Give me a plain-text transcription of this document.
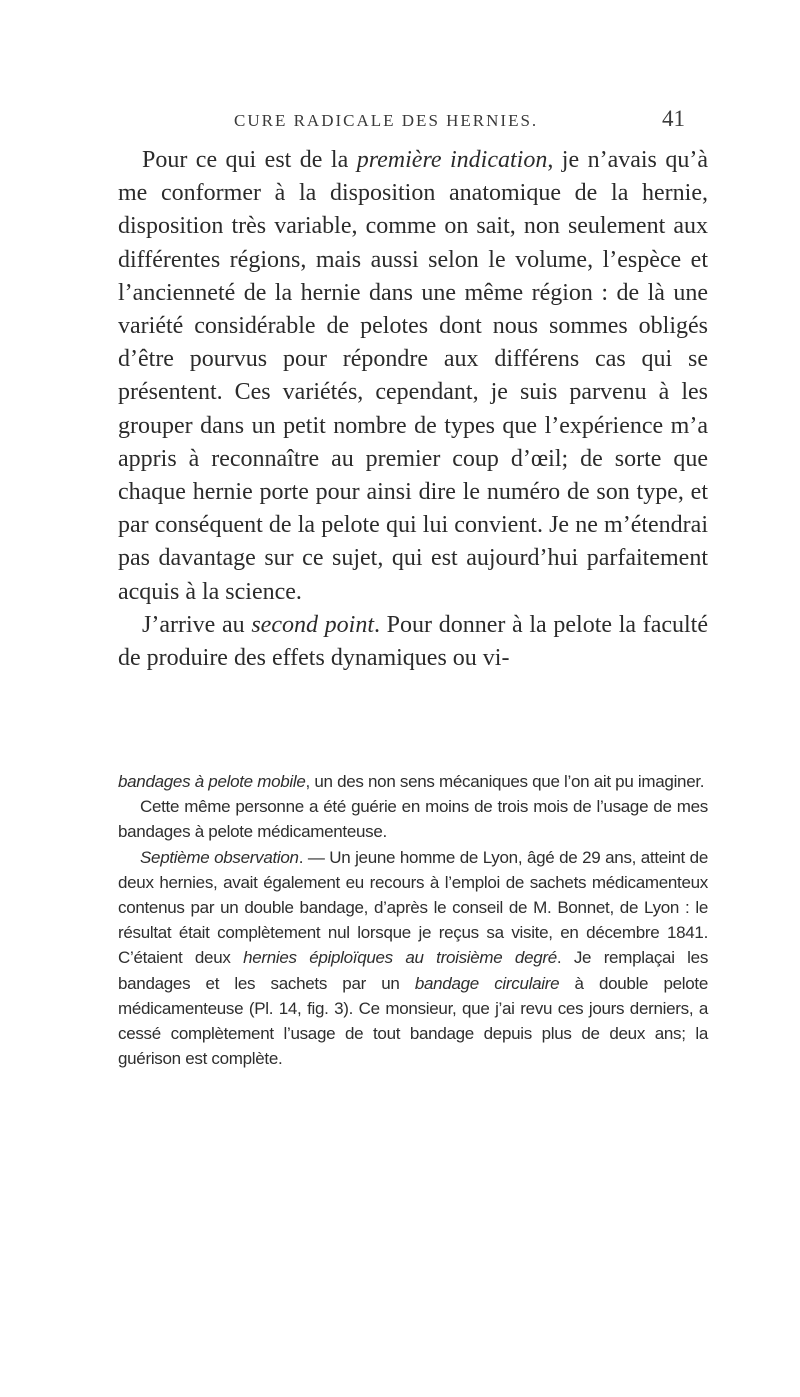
CURE RADICALE DES HERNIES.	41

Pour ce qui est de la première indication, je n’avais qu’à me conformer à la disposition anatomique de la hernie, disposition très variable, comme on sait, non seulement aux différentes régions, mais aussi selon le volume, l’espèce et l’ancienneté de la hernie dans une même région : de là une variété considérable de pelotes dont nous sommes obligés d’être pourvus pour répondre aux différens cas qui se présentent. Ces variétés, cependant, je suis parvenu à les grouper dans un petit nombre de types que l’expérience m’a appris à reconnaître au premier coup d’œil; de sorte que chaque hernie porte pour ainsi dire le numéro de son type, et par conséquent de la pelote qui lui convient. Je ne m’étendrai pas davantage sur ce sujet, qui est aujourd’hui parfaitement acquis à la science.

J’arrive au second point. Pour donner à la pelote la faculté de produire des effets dynamiques ou vi-

bandages à pelote mobile, un des non sens mécaniques que l’on ait pu imaginer.

Cette même personne a été guérie en moins de trois mois de l’usage de mes bandages à pelote médicamenteuse.

Septième observation. — Un jeune homme de Lyon, âgé de 29 ans, atteint de deux hernies, avait également eu recours à l’emploi de sachets médicamenteux contenus par un double bandage, d’après le conseil de M. Bonnet, de Lyon : le résultat était complètement nul lorsque je reçus sa visite, en décembre 1841. C’étaient deux hernies épiploïques au troisième degré. Je remplaçai les bandages et les sachets par un bandage circulaire à double pelote médicamenteuse (Pl. 14, fig. 3). Ce monsieur, que j’ai revu ces jours derniers, a cessé complètement l’usage de tout bandage depuis plus de deux ans; la guérison est complète.
